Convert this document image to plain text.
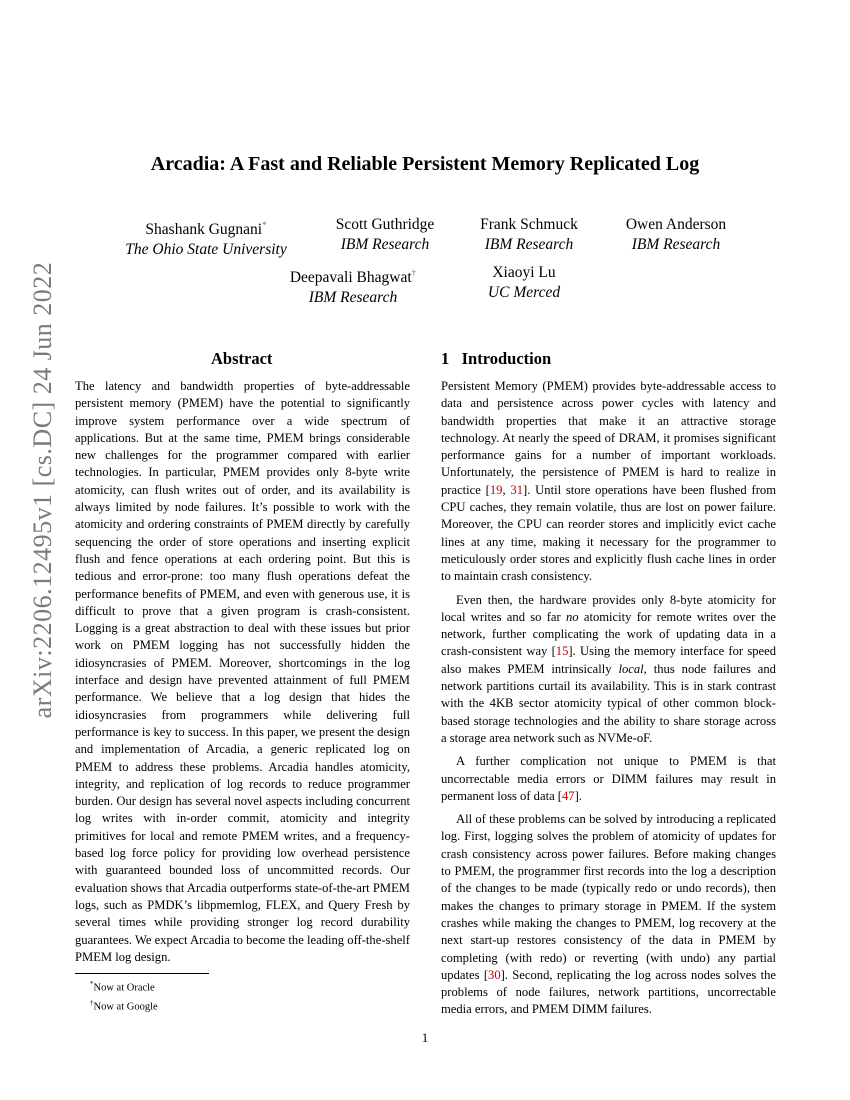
arXiv:2206.12495v1 [cs.DC] 24 Jun 2022
Arcadia: A Fast and Reliable Persistent Memory Replicated Log
Shashank Gugnani*
The Ohio State University
Scott Guthridge
IBM Research
Frank Schmuck
IBM Research
Owen Anderson
IBM Research
Deepavali Bhagwat†
IBM Research
Xiaoyi Lu
UC Merced
Abstract	1   Introduction

The latency and bandwidth properties of byte-addressable persistent memory (PMEM) have the potential to significantly improve system performance over a wide spectrum of applications. But at the same time, PMEM brings considerable new challenges for the programmer compared with earlier technologies. In particular, PMEM provides only 8-byte write atomicity, can flush writes out of order, and its availability is always limited by node failures. It’s possible to work with the atomicity and ordering constraints of PMEM directly by carefully sequencing the order of store operations and inserting explicit flush and fence operations at each ordering point. But this is tedious and error-prone: too many flush operations defeat the performance benefits of PMEM, and even with generous use, it is difficult to prove that a given program is crash-consistent. Logging is a great abstraction to deal with these issues but prior work on PMEM logging has not successfully hidden the idiosyncrasies of PMEM. Moreover, shortcomings in the log interface and design have prevented attainment of full PMEM performance. We believe that a log design that hides the idiosyncrasies from programmers while delivering full performance is key to success. In this paper, we present the design and implementation of Arcadia, a generic replicated log on PMEM to address these problems. Arcadia handles atomicity, integrity, and replication of log records to reduce programmer burden. Our design has several novel aspects including concurrent log writes with in-order commit, atomicity and integrity primitives for local and remote PMEM writes, and a frequency-based log force policy for providing low overhead persistence with guaranteed bounded loss of uncommitted records. Our evaluation shows that Arcadia outperforms state-of-the-art PMEM logs, such as PMDK’s libpmemlog, FLEX, and Query Fresh by several times while providing stronger log record durability guarantees. We expect Arcadia to become the leading off-the-shelf PMEM log design.

Persistent Memory (PMEM) provides byte-addressable access to data and persistence across power cycles with latency and bandwidth properties that make it an attractive storage technology. At nearly the speed of DRAM, it promises significant performance gains for a number of important workloads. Unfortunately, the persistence of PMEM is hard to realize in practice [19, 31]. Until store operations have been flushed from CPU caches, they remain volatile, thus are lost on power failure. Moreover, the CPU can reorder stores and implicitly evict cache lines at any time, making it necessary for the programmer to meticulously order stores and explicitly flush cache lines in order to maintain crash consistency.

Even then, the hardware provides only 8-byte atomicity for local writes and so far no atomicity for remote writes over the network, further complicating the work of updating data in a crash-consistent way [15]. Using the memory interface for speed also makes PMEM intrinsically local, thus node failures and network partitions curtail its availability. This is in stark contrast with the 4KB sector atomicity typical of other common block-based storage technologies and the ability to share storage across a storage area network such as NVMe-oF.

A further complication not unique to PMEM is that uncorrectable media errors or DIMM failures may result in permanent loss of data [47].

All of these problems can be solved by introducing a replicated log. First, logging solves the problem of atomicity of updates for crash consistency across power failures. Before making changes to PMEM, the programmer first records into the log a description of the changes to be made (typically redo or undo records), then makes the changes to primary storage in PMEM. If the system crashes while making the changes to PMEM, log recovery at the next start-up restores consistency of the data in PMEM by completing (with redo) or reverting (with undo) any partial updates [30]. Second, replicating the log across nodes solves the problems of node failures, network partitions, uncorrectable media errors, and PMEM DIMM failures.

*Now at Oracle
†Now at Google
1
